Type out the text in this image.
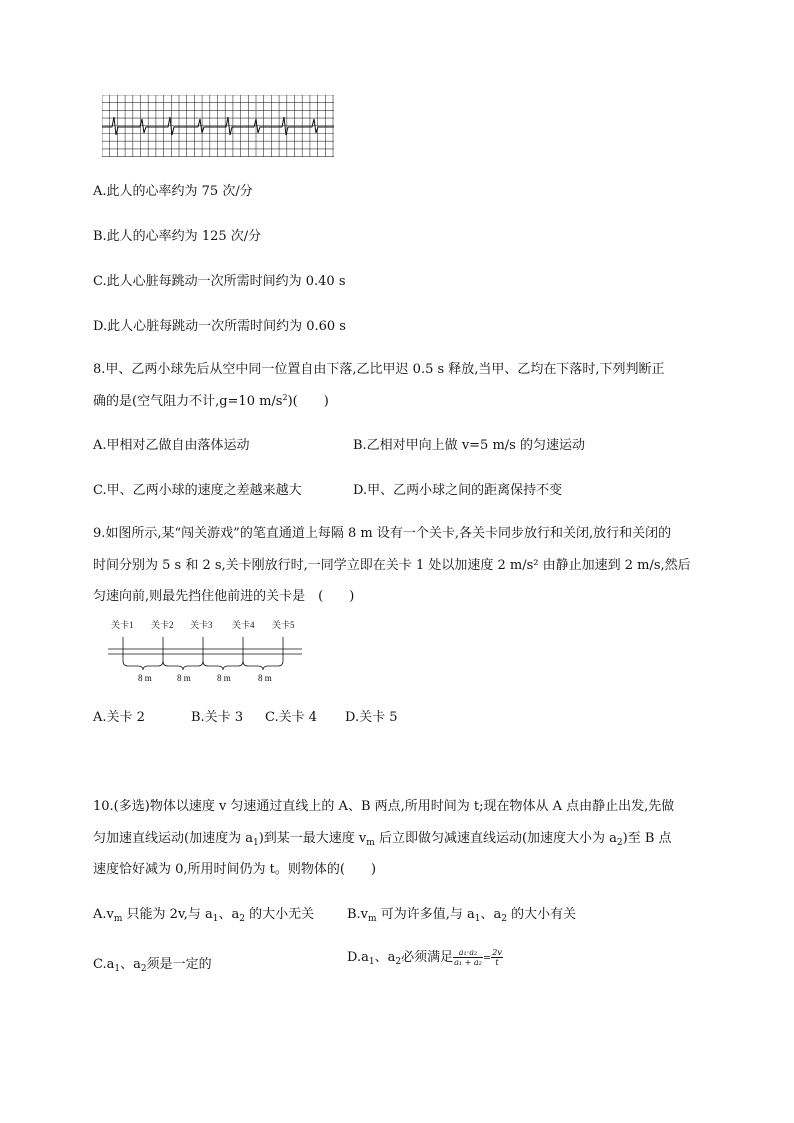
A.此人的心率约为 75 次/分
B.此人的心率约为 125 次/分
C.此人心脏每跳动一次所需时间约为 0.40 s
D.此人心脏每跳动一次所需时间约为 0.60 s
8.甲、乙两小球先后从空中同一位置自由下落,乙比甲迟 0.5 s 释放,当甲、乙均在下落时,下列判断正
确的是(空气阻力不计,g=10 $m/s^2$)(　　)
A.甲相对乙做自由落体运动	B.乙相对甲向上做 v=5 m/s 的匀速运动
C.甲、乙两小球的速度之差越来越大	D.甲、乙两小球之间的距离保持不变
9.如图所示,某“闯关游戏”的笔直通道上每隔 8 m 设有一个关卡,各关卡同步放行和关闭,放行和关闭的
时间分别为 5 s 和 2 s,关卡刚放行时,一同学立即在关卡 1 处以加速度 2 m/s² 由静止加速到 2 m/s,然后
匀速向前,则最先挡住他前进的关卡是　(　　)
关卡1 关卡2 关卡3 关卡4 关卡5
8 m	8 m	8 m	8 m
A.关卡 2	B.关卡 3 C.关卡 4 D.关卡 5
10.(多选)物体以速度 v 匀速通过直线上的 A、B 两点,所用时间为 t;现在物体从 A 点由静止出发,先做
匀加速直线运动(加速度为 $a_1$)到某一最大速度 $v_m$ 后立即做匀减速直线运动(加速度大小为 $a_2$)至 B 点
速度恰好减为 0,所用时间仍为 t。则物体的(　　)
$A.v_m$ 只能为 2v,与 $a_1$、$a_2$ 的大小无关	$B.v_m$ 可为许多值,与 $a_1$、$a_2$ 的大小有关
$C.a_1$、$a_2$须是一定的	$D.a_1$、$a_2$必须满足 $\frac{\text{a₁·a₂}}{\text{a₁ + a₂}} = \frac{2v}{t}$
